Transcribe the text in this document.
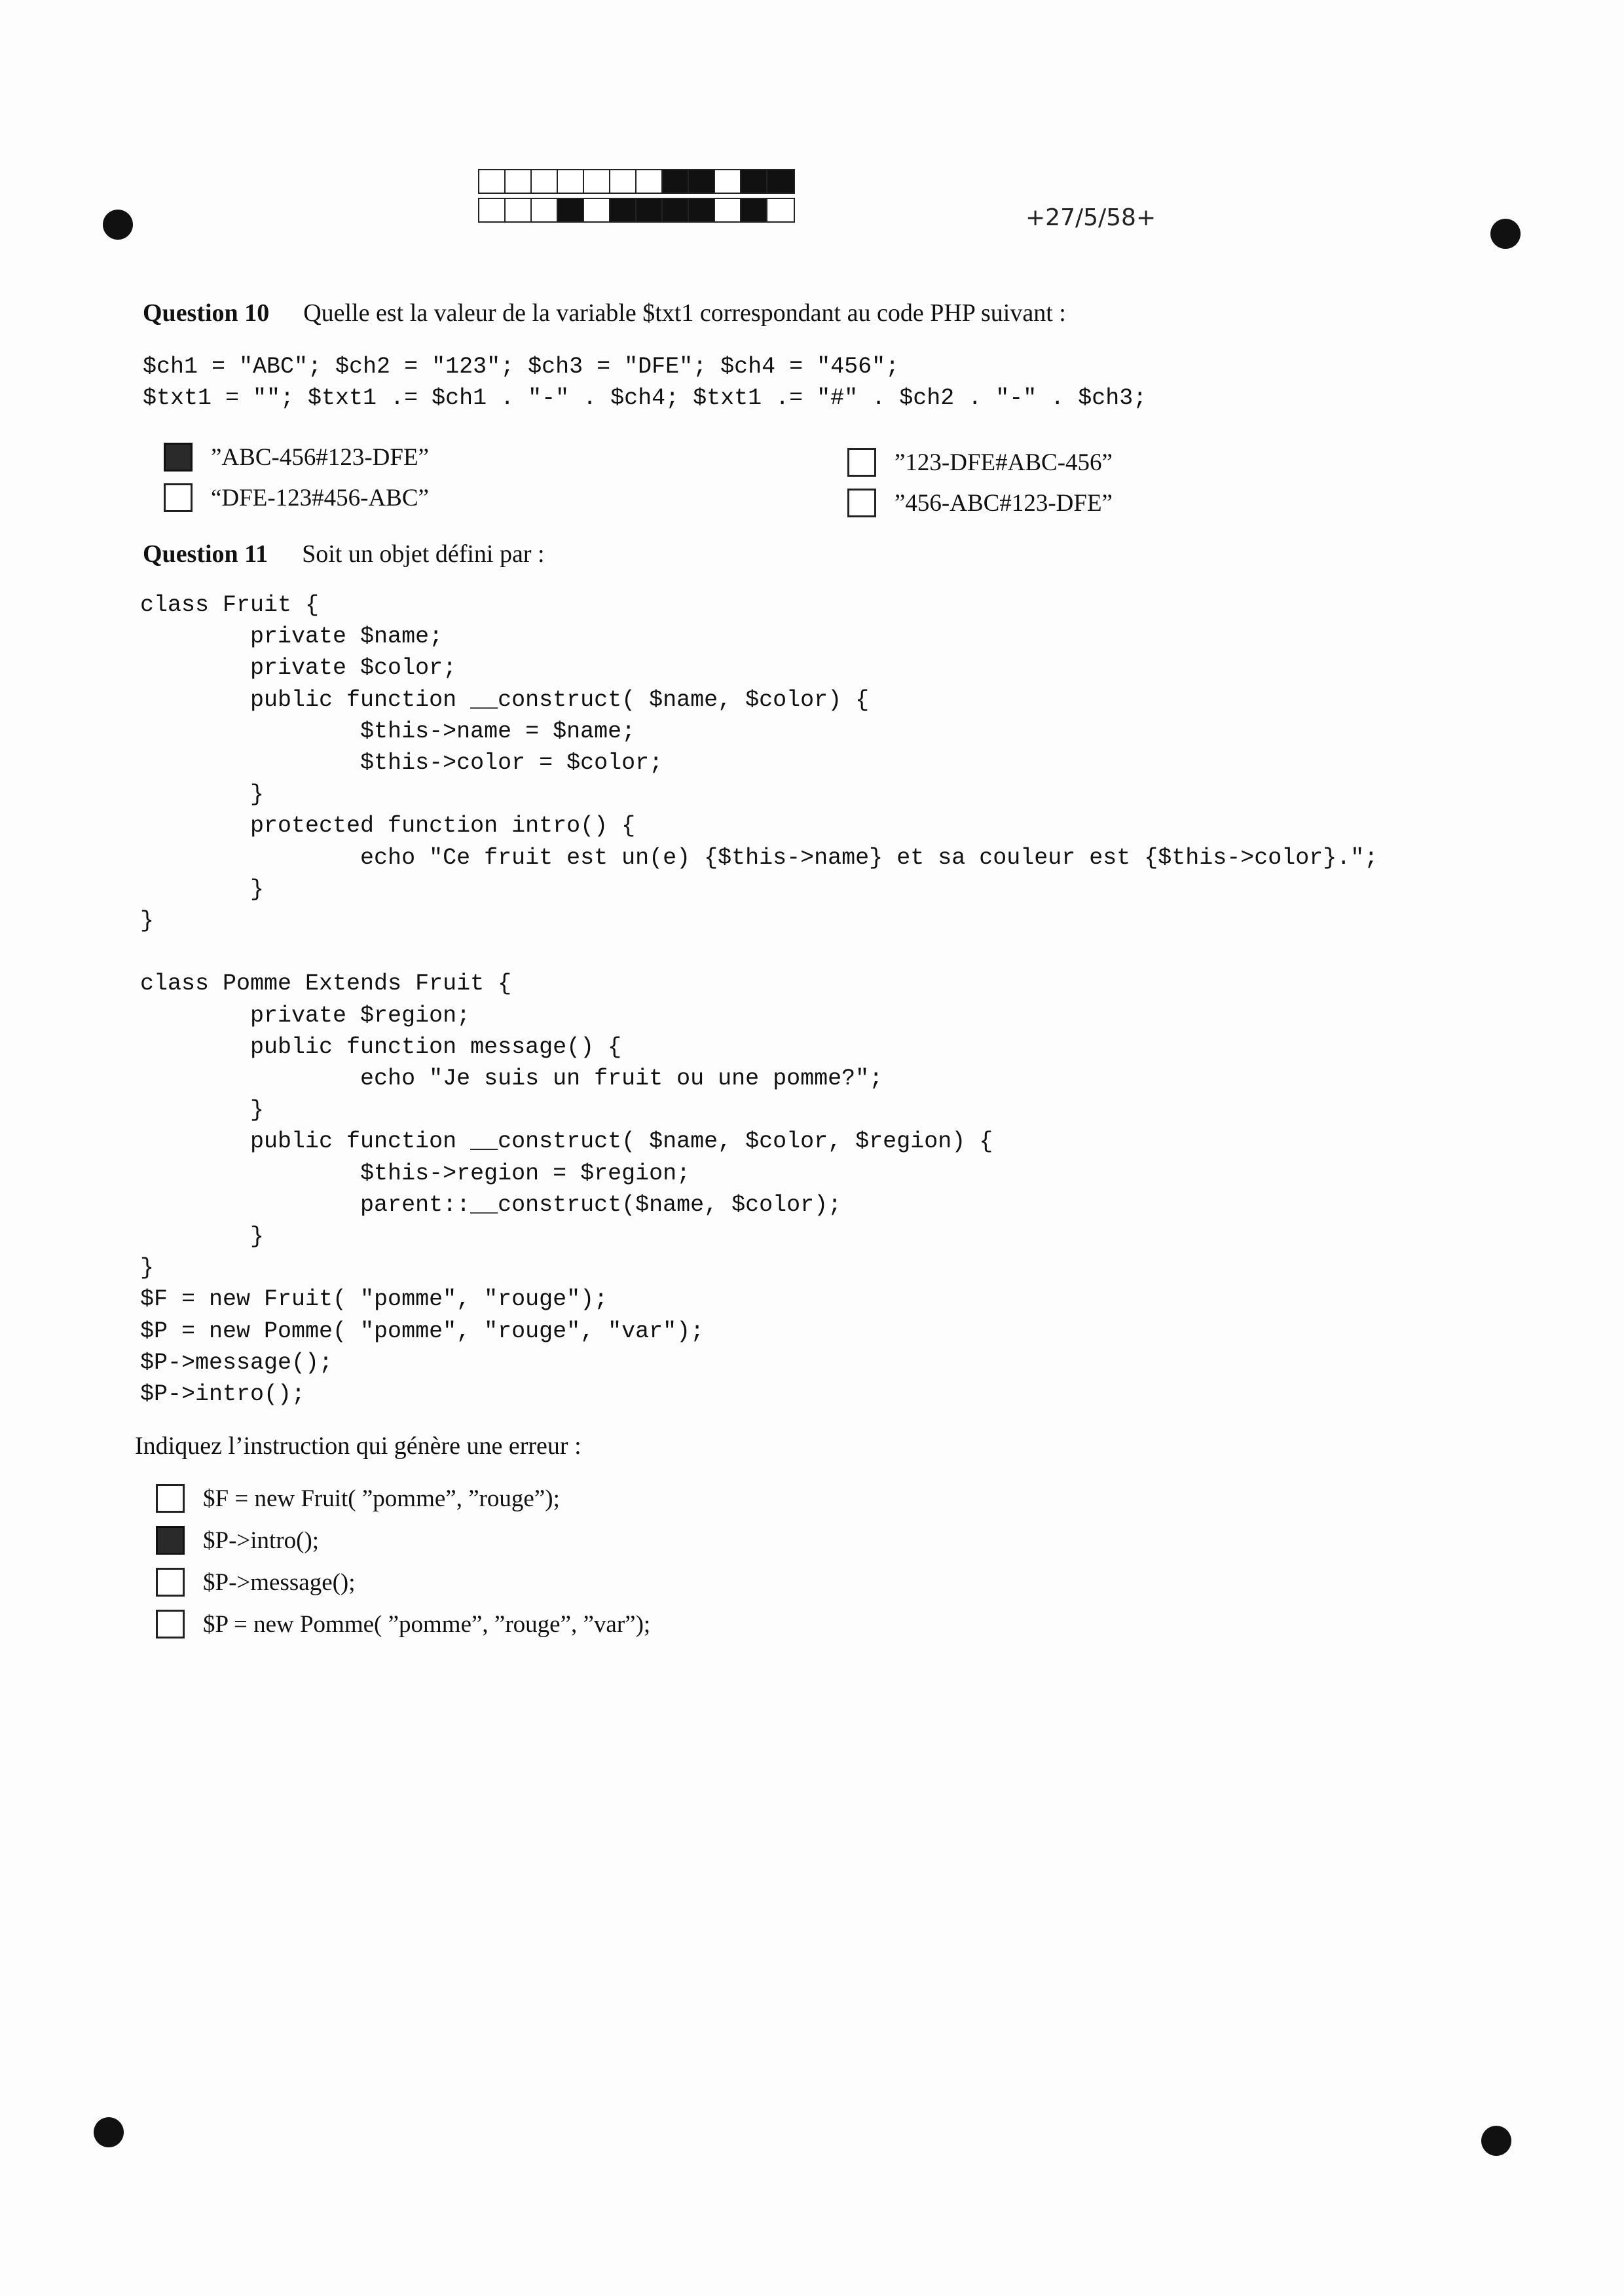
+27/5/58+
Question 10 Quelle est la valeur de la variable $txt1 correspondant au code PHP suivant :
$ch1 = "ABC"; $ch2 = "123"; $ch3 = "DFE"; $ch4 = "456";
$txt1 = ""; $txt1 .= $ch1 . "-" . $ch4; $txt1 .= "#" . $ch2 . "-" . $ch3;
”ABC-456#123-DFE”
“DFE-123#456-ABC”
”123-DFE#ABC-456”
”456-ABC#123-DFE”
Question 11 Soit un objet défini par :
class Fruit {
private $name;
private $color;
public function __construct( $name, $color) {
$this->name = $name;
$this->color = $color;
}
protected function intro() {
echo "Ce fruit est un(e) {$this->name} et sa couleur est {$this->color}.";
}
}
class Pomme Extends Fruit {
private $region;
public function message() {
echo "Je suis un fruit ou une pomme?";
}
public function __construct( $name, $color, $region) {
$this->region = $region;
parent::__construct($name, $color);
}
}
$F = new Fruit( "pomme", "rouge");
$P = new Pomme( "pomme", "rouge", "var");
$P->message();
$P->intro();
Indiquez l’instruction qui génère une erreur :
$F = new Fruit( ”pomme”, ”rouge”);
$P->intro();
$P->message();
$P = new Pomme( ”pomme”, ”rouge”, ”var”);
